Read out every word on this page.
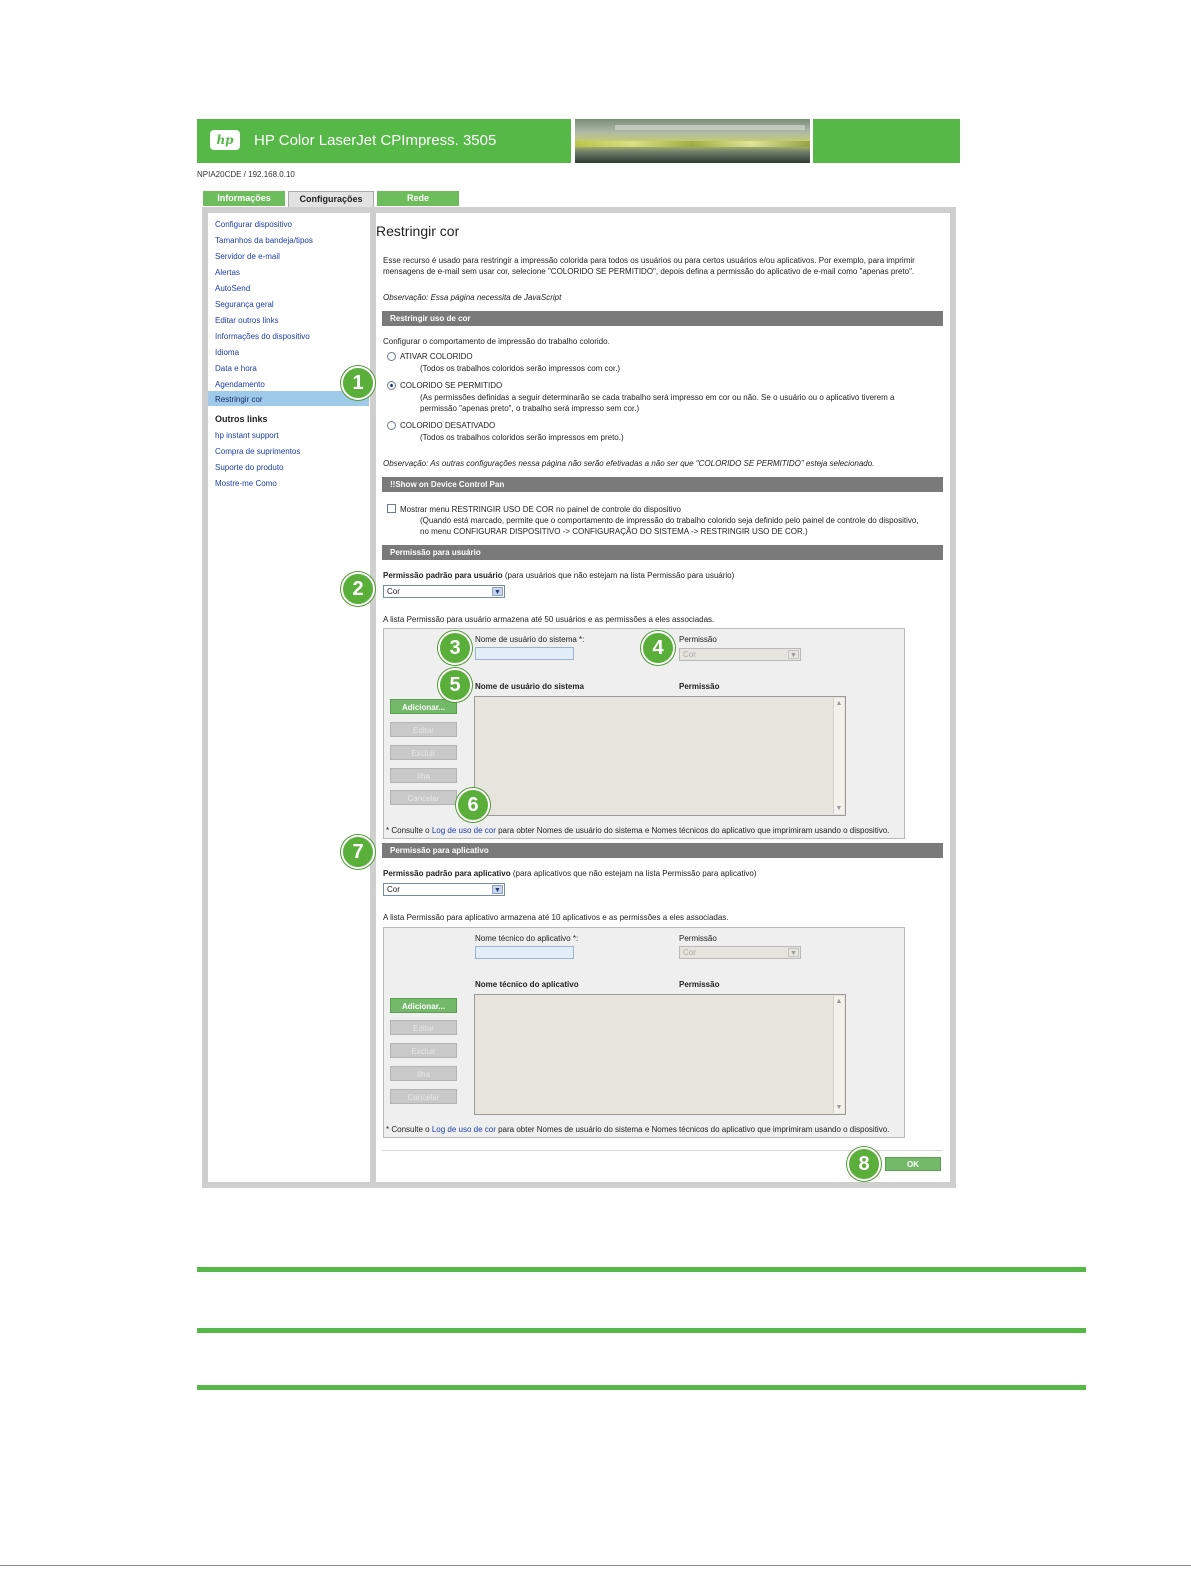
hp	HP Color LaserJet CPImpress. 3505
NPIA20CDE / 192.168.0.10
Informações	Configurações	Rede
Configurar dispositivo
Tamanhos da bandeja/tipos
Servidor de e-mail
Alertas
AutoSend
Segurança geral
Editar outros links
Informações do dispositivo
Idioma
Data e hora
Agendamento
Restringir cor
Outros links
hp instant support
Compra de suprimentos
Suporte do produto
Mostre-me Como
Restringir cor
Esse recurso é usado para restringir a impressão colorida para todos os usuários ou para certos usuários e/ou aplicativos. Por exemplo, para imprimir
mensagens de e-mail sem usar cor, selecione "COLORIDO SE PERMITIDO", depois defina a permissão do aplicativo de e-mail como "apenas preto".
Observação: Essa página necessita de JavaScript
Restringir uso de cor
Configurar o comportamento de impressão do trabalho colorido.
ATIVAR COLORIDO
(Todos os trabalhos coloridos serão impressos com cor.)
COLORIDO SE PERMITIDO
(As permissões definidas a seguir determinarão se cada trabalho será impresso em cor ou não. Se o usuário ou o aplicativo tiverem a
permissão "apenas preto", o trabalho será impresso sem cor.)
COLORIDO DESATIVADO
(Todos os trabalhos coloridos serão impressos em preto.)
Observação: As outras configurações nessa página não serão efetivadas a não ser que "COLORIDO SE PERMITIDO" esteja selecionado.
!!Show on Device Control Pan
Mostrar menu RESTRINGIR USO DE COR no painel de controle do dispositivo
(Quando está marcado, permite que o comportamento de impressão do trabalho colorido seja definido pelo painel de controle do dispositivo,
no menu CONFIGURAR DISPOSITIVO -> CONFIGURAÇÃO DO SISTEMA -> RESTRINGIR USO DE COR.)
Permissão para usuário
Permissão padrão para usuário (para usuários que não estejam na lista Permissão para usuário)
Cor	▼
A lista Permissão para usuário armazena até 50 usuários e as permissões a eles associadas.
Nome de usuário do sistema *:	Permissão
Cor	▼
Nome de usuário do sistema	Permissão
▲
▼
Adicionar...
Editar
Excluir
Ilha
Cancelar
* Consulte o Log de uso de cor para obter Nomes de usuário do sistema e Nomes técnicos do aplicativo que imprimiram usando o dispositivo.
Permissão para aplicativo
Permissão padrão para aplicativo (para aplicativos que não estejam na lista Permissão para aplicativo)
Cor	▼
A lista Permissão para aplicativo armazena até 10 aplicativos e as permissões a eles associadas.
Nome técnico do aplicativo *:	Permissão
Cor	▼
Nome técnico do aplicativo	Permissão
▲
▼
Adicionar...
Editar
Excluir
Ilha
Cancelar
* Consulte o Log de uso de cor para obter Nomes de usuário do sistema e Nomes técnicos do aplicativo que imprimiram usando o dispositivo.
OK
1
2
3	4
5
6
7
8
